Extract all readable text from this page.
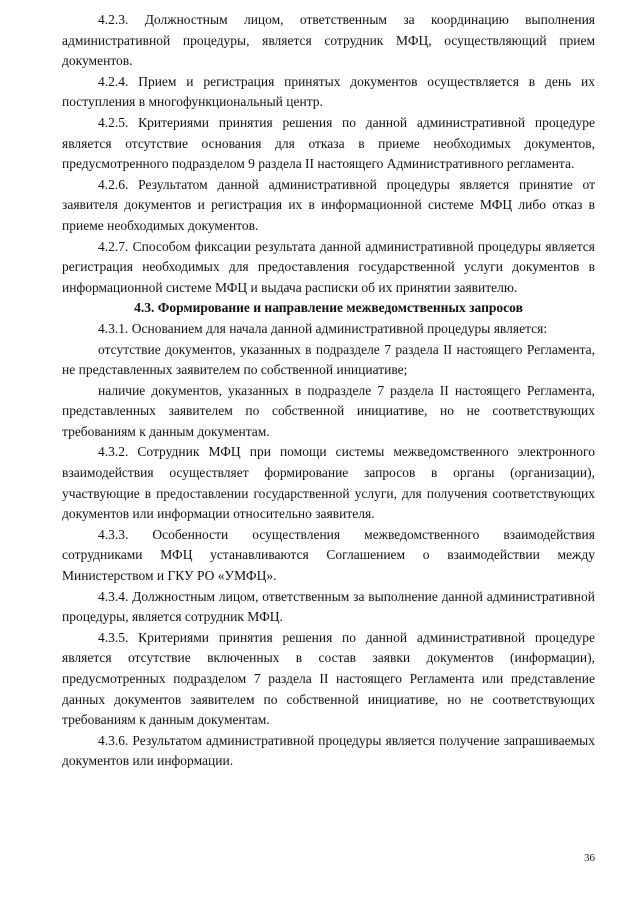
4.2.3. Должностным лицом, ответственным за координацию выполнения административной процедуры, является сотрудник МФЦ, осуществляющий прием документов.

4.2.4. Прием и регистрация принятых документов осуществляется в день их поступления в многофункциональный центр.

4.2.5. Критериями принятия решения по данной административной процедуре является отсутствие основания для отказа в приеме необходимых документов, предусмотренного подразделом 9 раздела II настоящего Административного регламента.

4.2.6. Результатом данной административной процедуры является принятие от заявителя документов и регистрация их в информационной системе МФЦ либо отказ в приеме необходимых документов.

4.2.7. Способом фиксации результата данной административной процедуры является регистрация необходимых для предоставления государственной услуги документов в информационной системе МФЦ и выдача расписки об их принятии заявителю.

4.3. Формирование и направление межведомственных запросов

4.3.1. Основанием для начала данной административной процедуры является:

отсутствие документов, указанных в подразделе 7 раздела II настоящего Регламента, не представленных заявителем по собственной инициативе;

наличие документов, указанных в подразделе 7 раздела II настоящего Регламента, представленных заявителем по собственной инициативе, но не соответствующих требованиям к данным документам.

4.3.2. Сотрудник МФЦ при помощи системы межведомственного электронного взаимодействия осуществляет формирование запросов в органы (организации), участвующие в предоставлении государственной услуги, для получения соответствующих документов или информации относительно заявителя.

4.3.3. Особенности осуществления межведомственного взаимодействия сотрудниками МФЦ устанавливаются Соглашением о взаимодействии между Министерством и ГКУ РО «УМФЦ».

4.3.4. Должностным лицом, ответственным за выполнение данной административной процедуры, является сотрудник МФЦ.

4.3.5. Критериями принятия решения по данной административной процедуре является отсутствие включенных в состав заявки документов (информации), предусмотренных подразделом 7 раздела II настоящего Регламента или представление данных документов заявителем по собственной инициативе, но не соответствующих требованиям к данным документам.

4.3.6. Результатом административной процедуры является получение запрашиваемых документов или информации.

36
